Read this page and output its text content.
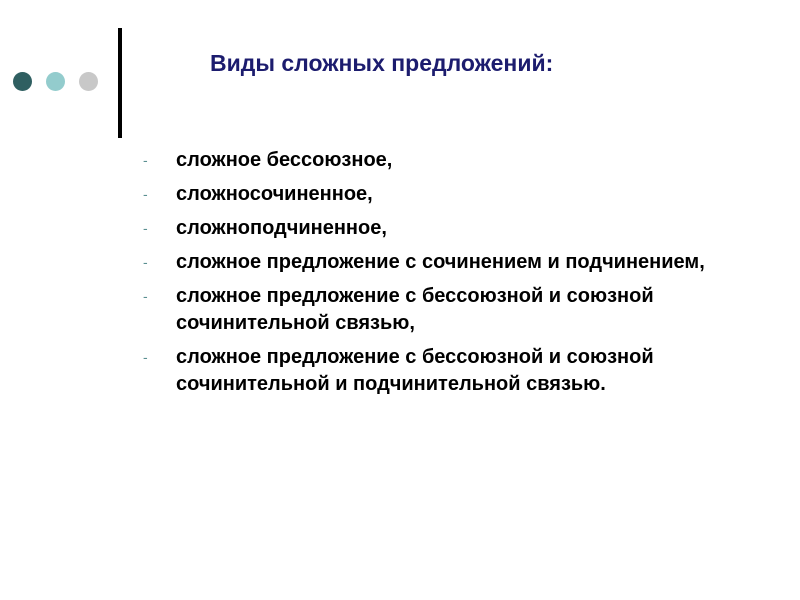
Виды сложных предложений:
- сложное бессоюзное,
- сложносочиненное,
- сложноподчиненное,
- сложное предложение с сочинением и подчинением,
- сложное предложение с бессоюзной и союзной сочинительной связью,
- сложное предложение с бессоюзной и союзной сочинительной и подчинительной связью.
